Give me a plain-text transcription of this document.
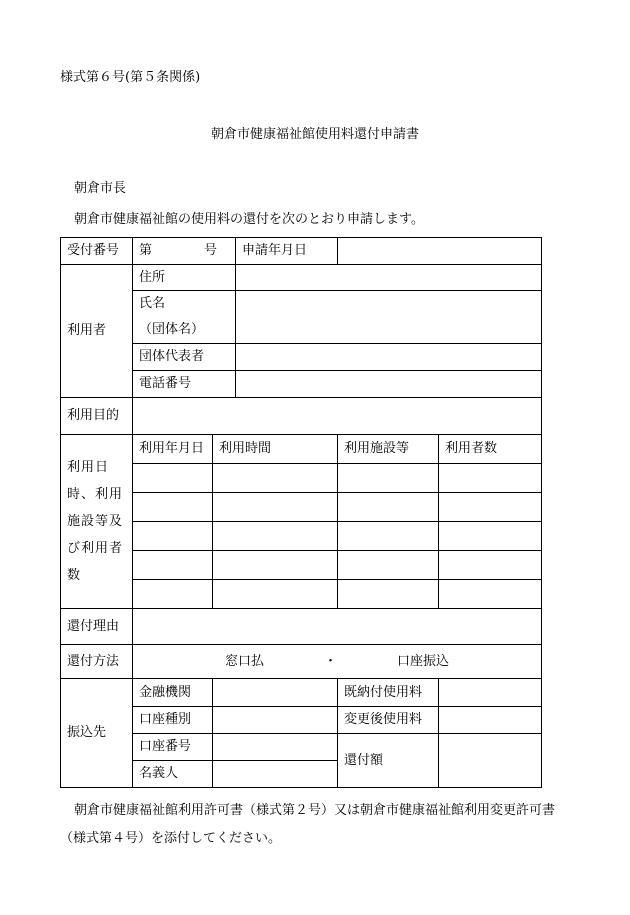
様式第６号(第５条関係)
朝倉市健康福祉館使用料還付申請書
朝倉市長
朝倉市健康福祉館の使用料の還付を次のとおり申請します。
受付番号	第 号		申請年月日		
利用者	住所				

	氏名
（団体名）				

	団体代表者				
	電話番号				
利用目的					
利用日時、利用施設等及び利用者数	利用年月日	利用時間		利用施設等	利用者数

還付理由					
還付方法	窓口払 ・ 口座振込				
振込先	金融機関			既納付使用料	
	口座種別			変更後使用料	
	口座番号			還付額	
	名義人				
朝倉市健康福祉館利用許可書（様式第２号）又は朝倉市健康福祉館利用変更許可書
（様式第４号）を添付してください。
